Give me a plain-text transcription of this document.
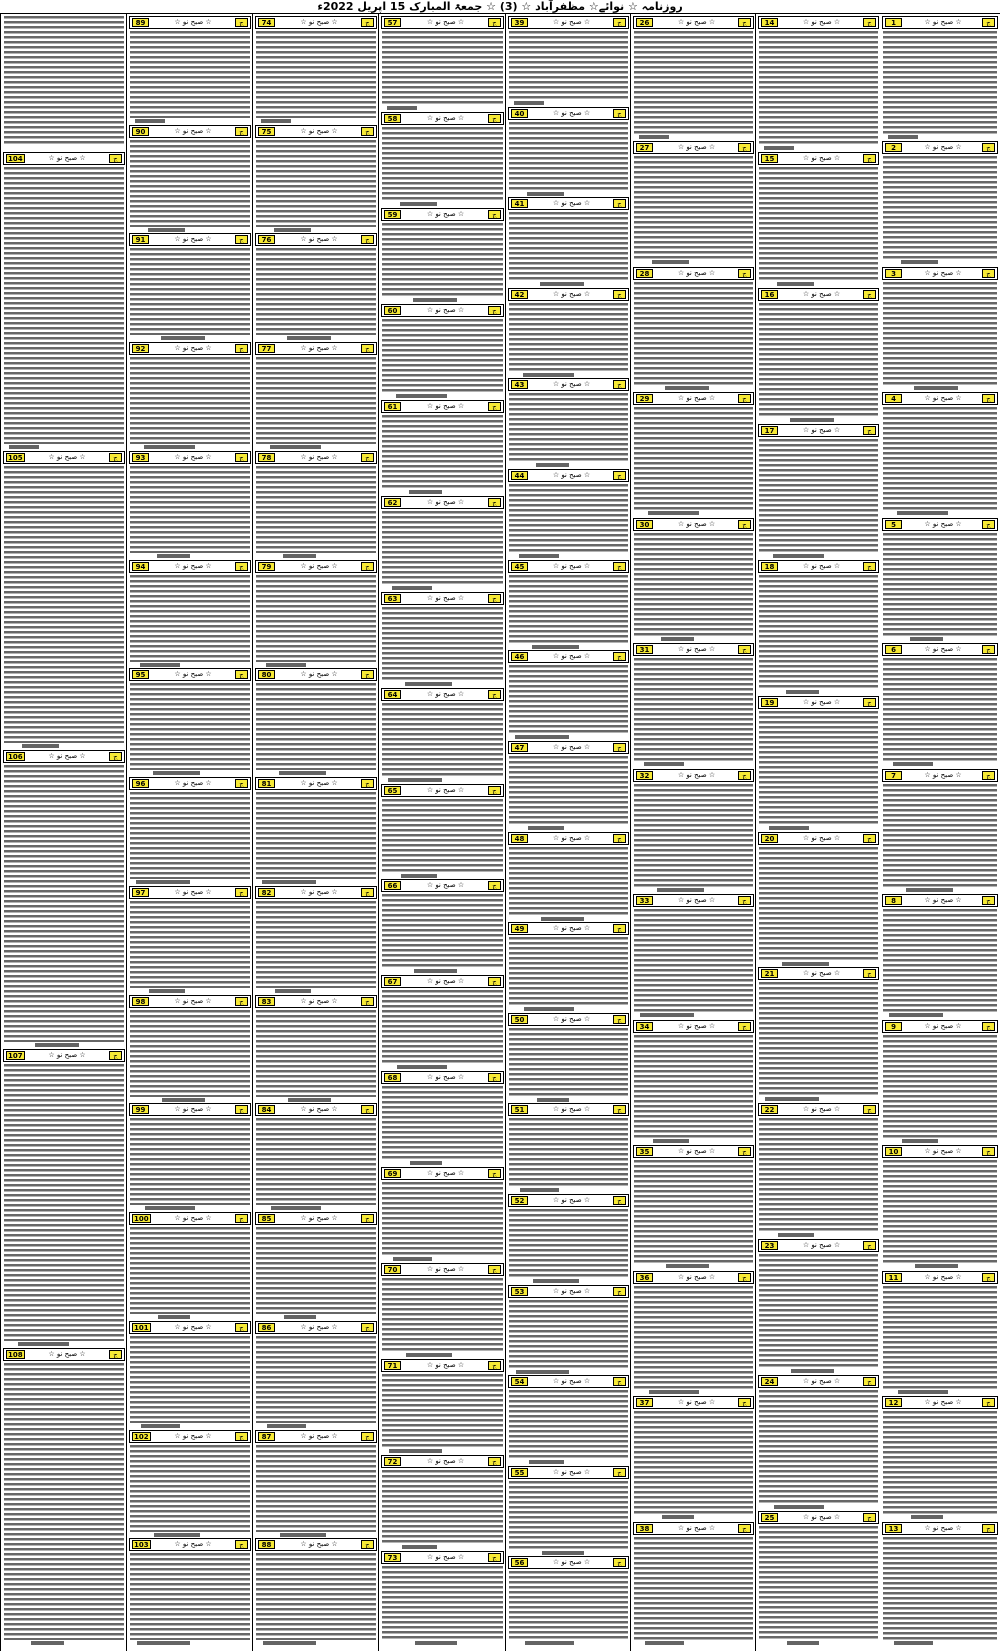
روزنامہ ☆ نوائے☆ مظفرآباد ☆ (3) ☆ جمعۃ المبارک 15 اپریل 2022ء
1	☆ صبح نو ☆	ج
2	☆ صبح نو ☆	ج
3	☆ صبح نو ☆	ج
4	☆ صبح نو ☆	ج
5	☆ صبح نو ☆	ج
6	☆ صبح نو ☆	ج
7	☆ صبح نو ☆	ج
8	☆ صبح نو ☆	ج
9	☆ صبح نو ☆	ج
10	☆ صبح نو ☆	ج
11	☆ صبح نو ☆	ج
12	☆ صبح نو ☆	ج
13	☆ صبح نو ☆	ج
14	☆ صبح نو ☆	ج
15	☆ صبح نو ☆	ج
16	☆ صبح نو ☆	ج
17	☆ صبح نو ☆	ج
18	☆ صبح نو ☆	ج
19	☆ صبح نو ☆	ج
20	☆ صبح نو ☆	ج
21	☆ صبح نو ☆	ج
22	☆ صبح نو ☆	ج
23	☆ صبح نو ☆	ج
24	☆ صبح نو ☆	ج
25	☆ صبح نو ☆	ج
26	☆ صبح نو ☆	ج
27	☆ صبح نو ☆	ج
28	☆ صبح نو ☆	ج
29	☆ صبح نو ☆	ج
30	☆ صبح نو ☆	ج
31	☆ صبح نو ☆	ج
32	☆ صبح نو ☆	ج
33	☆ صبح نو ☆	ج
34	☆ صبح نو ☆	ج
35	☆ صبح نو ☆	ج
36	☆ صبح نو ☆	ج
37	☆ صبح نو ☆	ج
38	☆ صبح نو ☆	ج
39	☆ صبح نو ☆	ج
40	☆ صبح نو ☆	ج
41	☆ صبح نو ☆	ج
42	☆ صبح نو ☆	ج
43	☆ صبح نو ☆	ج
44	☆ صبح نو ☆	ج
45	☆ صبح نو ☆	ج
46	☆ صبح نو ☆	ج
47	☆ صبح نو ☆	ج
48	☆ صبح نو ☆	ج
49	☆ صبح نو ☆	ج
50	☆ صبح نو ☆	ج
51	☆ صبح نو ☆	ج
52	☆ صبح نو ☆	ج
53	☆ صبح نو ☆	ج
54	☆ صبح نو ☆	ج
55	☆ صبح نو ☆	ج
56	☆ صبح نو ☆	ج
57	☆ صبح نو ☆	ج
58	☆ صبح نو ☆	ج
59	☆ صبح نو ☆	ج
60	☆ صبح نو ☆	ج
61	☆ صبح نو ☆	ج
62	☆ صبح نو ☆	ج
63	☆ صبح نو ☆	ج
64	☆ صبح نو ☆	ج
65	☆ صبح نو ☆	ج
66	☆ صبح نو ☆	ج
67	☆ صبح نو ☆	ج
68	☆ صبح نو ☆	ج
69	☆ صبح نو ☆	ج
70	☆ صبح نو ☆	ج
71	☆ صبح نو ☆	ج
72	☆ صبح نو ☆	ج
73	☆ صبح نو ☆	ج
74	☆ صبح نو ☆	ج
75	☆ صبح نو ☆	ج
76	☆ صبح نو ☆	ج
77	☆ صبح نو ☆	ج
78	☆ صبح نو ☆	ج
79	☆ صبح نو ☆	ج
80	☆ صبح نو ☆	ج
81	☆ صبح نو ☆	ج
82	☆ صبح نو ☆	ج
83	☆ صبح نو ☆	ج
84	☆ صبح نو ☆	ج
85	☆ صبح نو ☆	ج
86	☆ صبح نو ☆	ج
87	☆ صبح نو ☆	ج
88	☆ صبح نو ☆	ج
89	☆ صبح نو ☆	ج
90	☆ صبح نو ☆	ج
91	☆ صبح نو ☆	ج
92	☆ صبح نو ☆	ج
93	☆ صبح نو ☆	ج
94	☆ صبح نو ☆	ج
95	☆ صبح نو ☆	ج
96	☆ صبح نو ☆	ج
97	☆ صبح نو ☆	ج
98	☆ صبح نو ☆	ج
99	☆ صبح نو ☆	ج
100	☆ صبح نو ☆	ج
101	☆ صبح نو ☆	ج
102	☆ صبح نو ☆	ج
103	☆ صبح نو ☆	ج
104	☆ صبح نو ☆	ج
105	☆ صبح نو ☆	ج
106	☆ صبح نو ☆	ج
107	☆ صبح نو ☆	ج
108	☆ صبح نو ☆	ج
